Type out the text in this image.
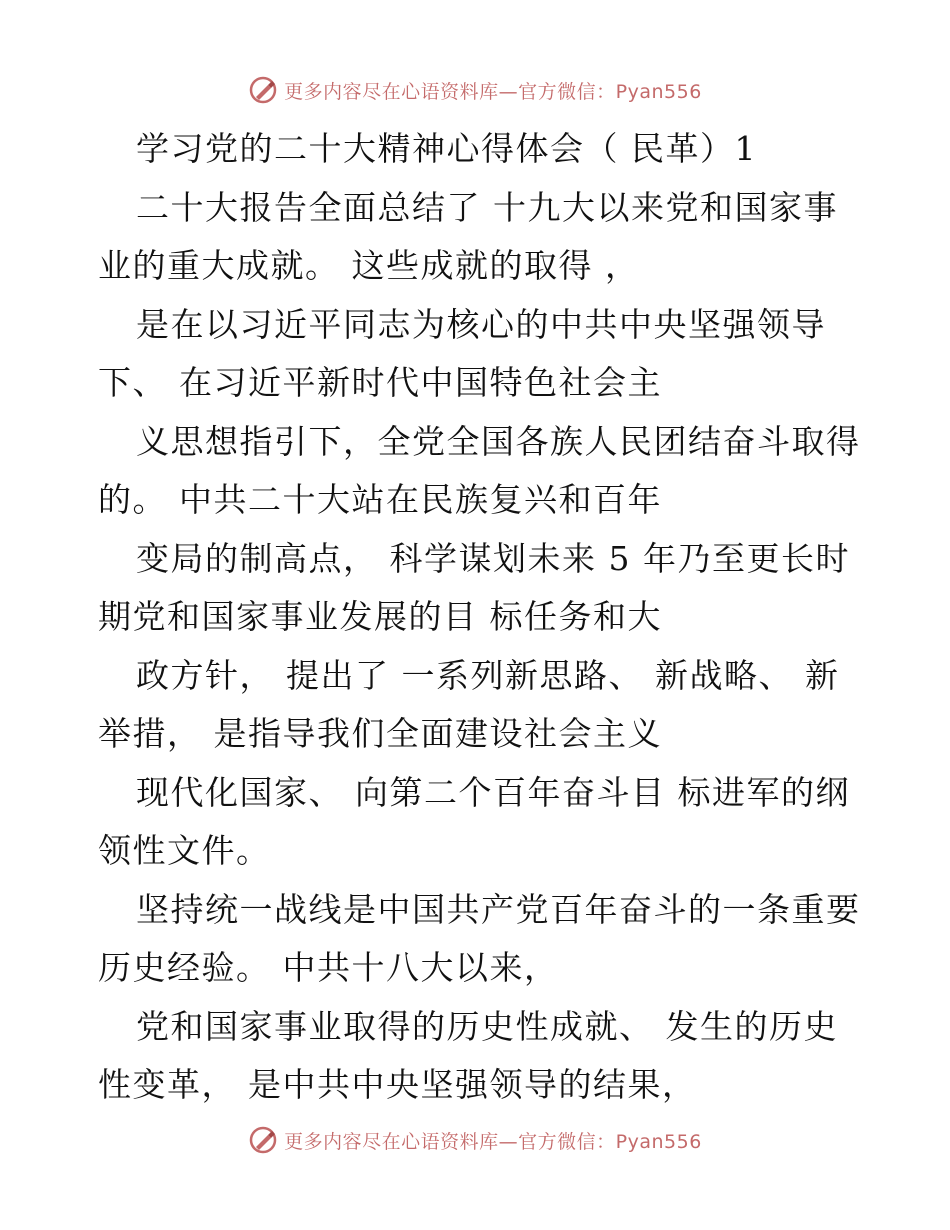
更多内容尽在心语资料库—官方微信：Pyan556
学习党的二十大精神心得体会（ 民革）1
二十大报告全面总结了 十九大以来党和国家事
业的重大成就。 这些成就的取得 ，
是在以习近平同志为核心的中共中央坚强领导
下、 在习近平新时代中国特色社会主
义思想指引下，全党全国各族人民团结奋斗取得
的。 中共二十大站在民族复兴和百年
变局的制高点， 科学谋划未来 5 年乃至更长时
期党和国家事业发展的目 标任务和大
政方针， 提出了 一系列新思路、 新战略、 新
举措， 是指导我们全面建设社会主义
现代化国家、 向第二个百年奋斗目 标进军的纲
领性文件。
坚持统一战线是中国共产党百年奋斗的一条重要
历史经验。 中共十八大以来，
党和国家事业取得的历史性成就、 发生的历史
性变革， 是中共中央坚强领导的结果，
更多内容尽在心语资料库—官方微信：Pyan556
